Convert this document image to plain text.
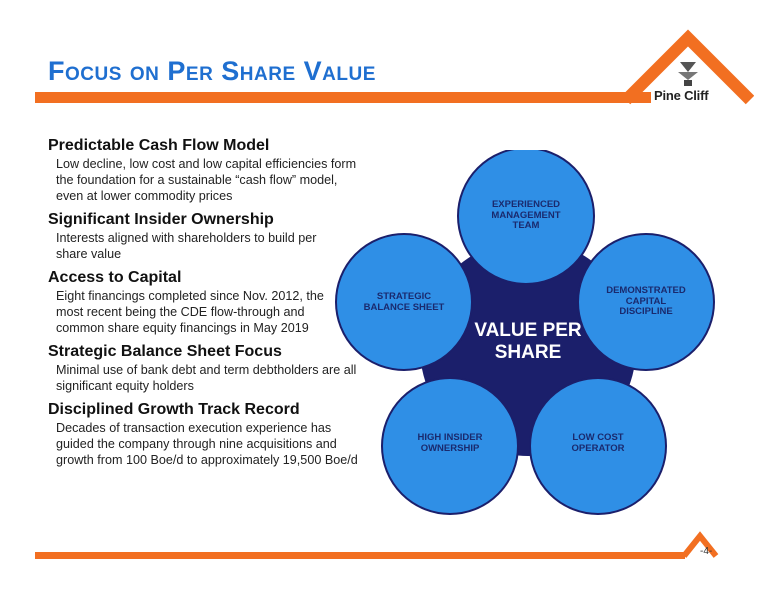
Focus on Per Share Value
Pine Cliff
Predictable Cash Flow Model

Low decline, low cost and low capital efficiencies form
the foundation for a sustainable “cash flow” model,
even at lower commodity prices

Significant Insider Ownership

Interests aligned with shareholders to build per
share value

Access to Capital

Eight financings completed since Nov. 2012, the
most recent being the CDE flow-through and
common share equity financings in May 2019

Strategic Balance Sheet Focus

Minimal use of bank debt and term debtholders are all
significant equity holders

Disciplined Growth Track Record

Decades of transaction execution experience has
guided the company through nine acquisitions and
growth from 100 Boe/d to approximately 19,500 Boe/d

VALUE PER
SHARE
EXPERIENCED
MANAGEMENT
TEAM
DEMONSTRATED
CAPITAL
DISCIPLINE
LOW COST
OPERATOR
HIGH INSIDER
OWNERSHIP
STRATEGIC
BALANCE SHEET
-4-
